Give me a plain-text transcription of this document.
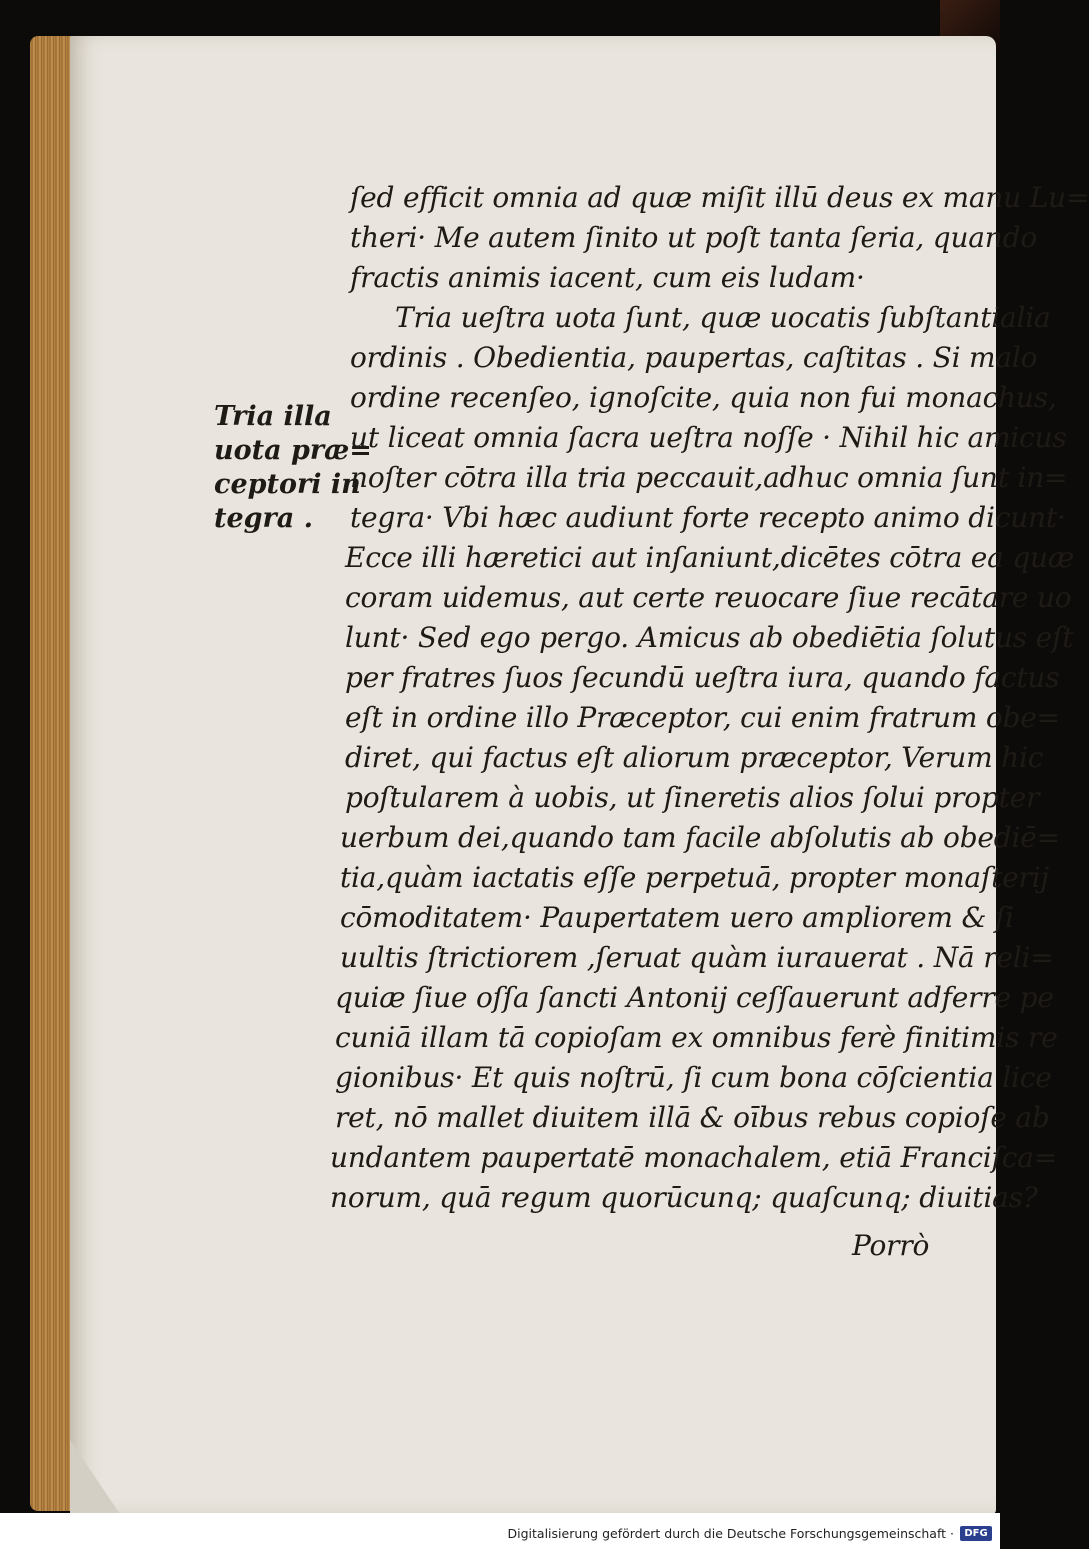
ſed efficit omnia ad quæ miſit illū deus ex manu Lu=
theri· Me autem ſinito ut poſt tanta ſeria, quando
fractis animis iacent, cum eis ludam·
Tria ueſtra uota ſunt, quæ uocatis ſubſtantialia
ordinis . Obedientia, paupertas, caſtitas . Si malo
ordine recenſeo, ignoſcite, quia non fui monachus,
ut liceat omnia ſacra ueſtra noſſe · Nihil hic amicus
noſter cōtra illa tria peccauit,adhuc omnia ſunt in=
tegra· Vbi hæc audiunt forte recepto animo dicunt·
Ecce illi hæretici aut inſaniunt,dicētes cōtra ea quæ
coram uidemus, aut certe reuocare ſiue recātare uo
lunt· Sed ego pergo. Amicus ab obediētia ſolutus eſt
per fratres ſuos ſecundū ueſtra iura, quando factus
eſt in ordine illo Præceptor, cui enim fratrum obe=
diret, qui factus eſt aliorum præceptor, Verum hic
poſtularem à uobis, ut ſineretis alios ſolui propter
uerbum dei,quando tam facile abſolutis ab obediē=
tia,quàm iactatis eſſe perpetuā, propter monaſterij
cōmoditatem· Paupertatem uero ampliorem & ſi
uultis ſtrictiorem ,ſeruat quàm iurauerat . Nā reli=
quiæ ſiue oſſa ſancti Antonij ceſſauerunt adferre pe
cuniā illam tā copioſam ex omnibus ferè finitimis re
gionibus· Et quis noſtrū, ſi cum bona cōſcientia lice
ret, nō mallet diuitem illā & oībus rebus copioſe ab
undantem paupertatē monachalem, etiā Franciſca=
norum, quā regum quorūcunq; quaſcunq; diuitias?
Porrò
Tria illa
uota præ=
ceptori in
tegra .
Digitalisierung gefördert durch die Deutsche Forschungsgemeinschaft ·	DFG
